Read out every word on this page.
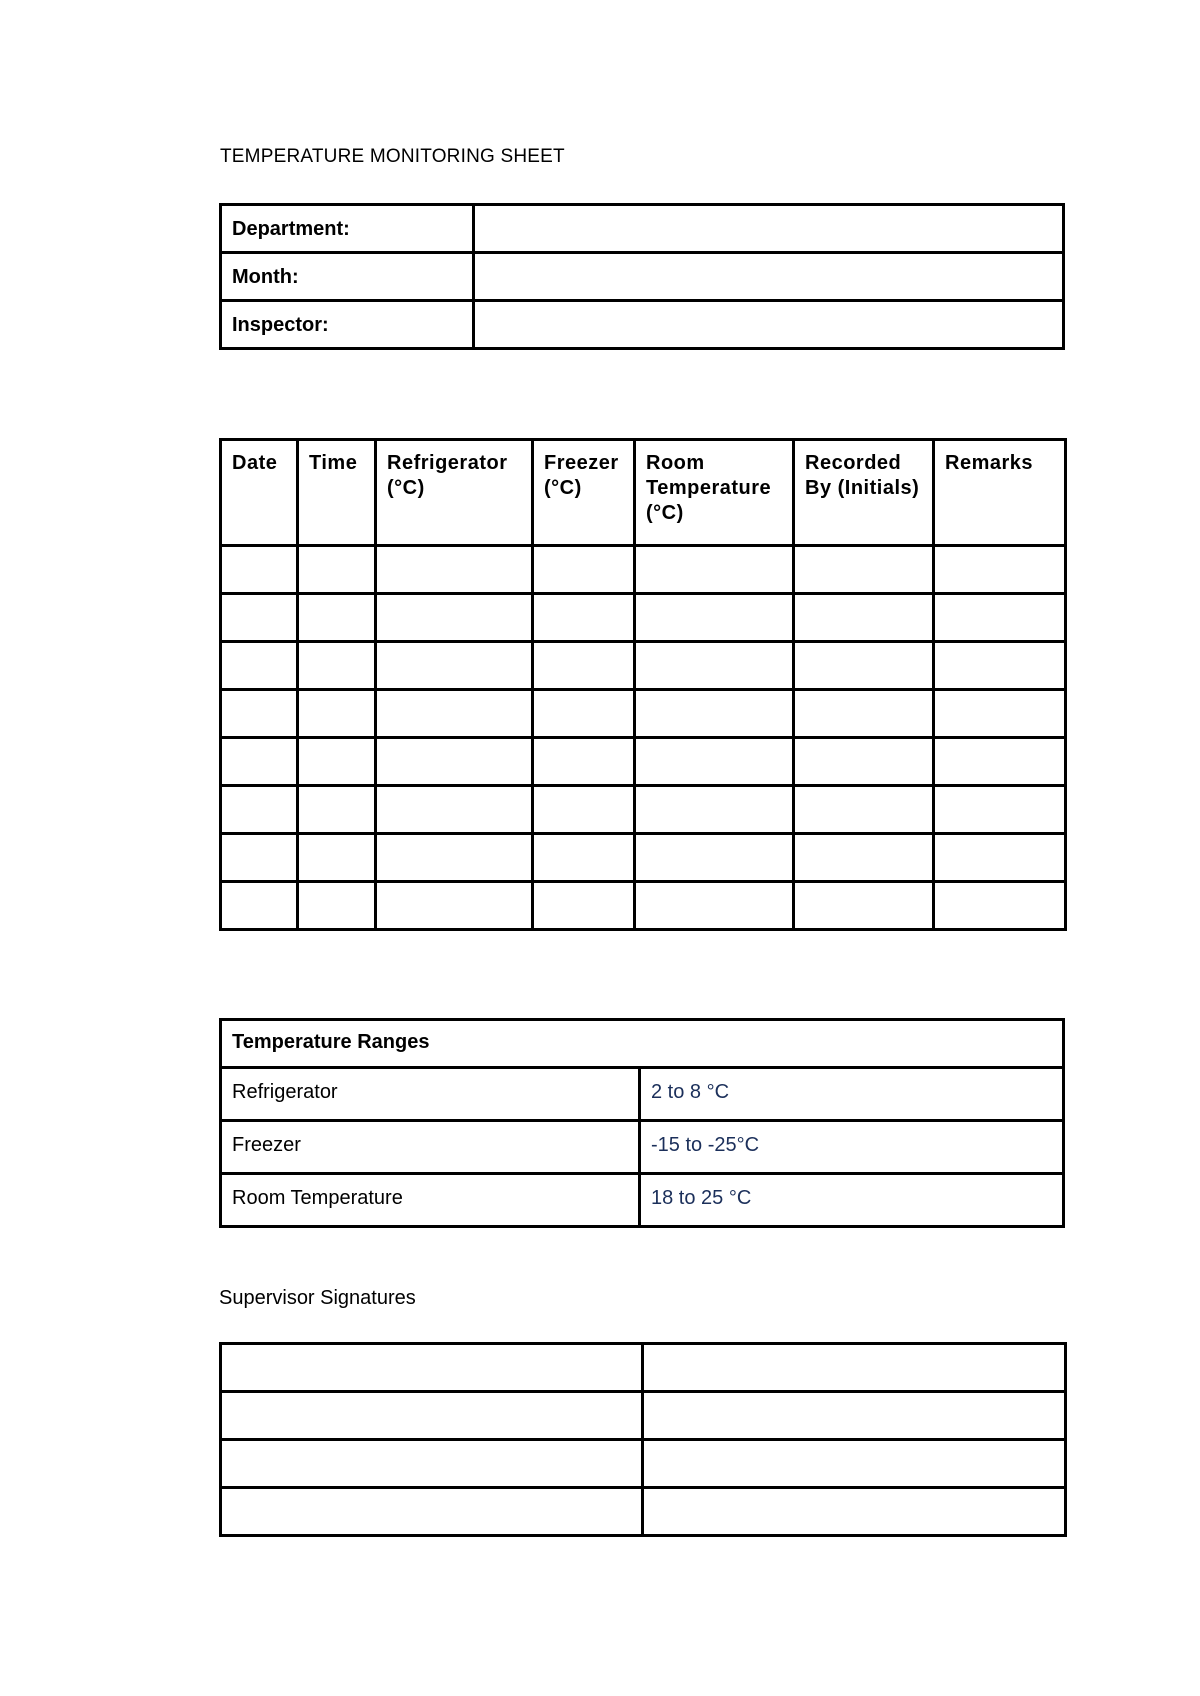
TEMPERATURE MONITORING SHEET
Department:	
Month:	
Inspector:	
Date	Time	Refrigerator (°C)	Freezer (°C)	Room Temperature (°C)	Recorded By (Initials)	Remarks

Temperature Ranges	
Refrigerator	2 to 8 °C
Freezer	-15 to -25°C
Room Temperature	18 to 25 °C
Supervisor Signatures
